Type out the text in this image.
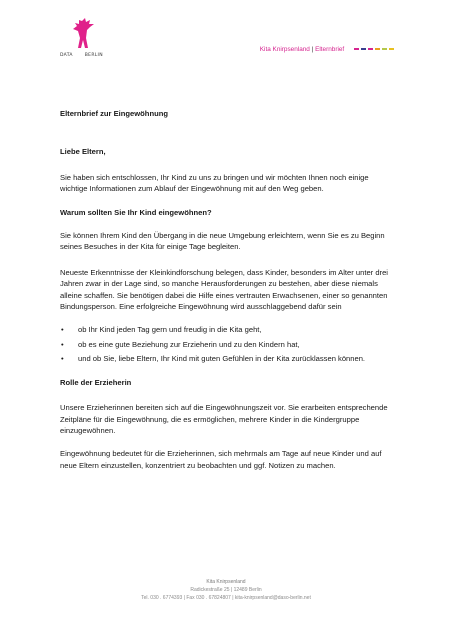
DATA	BERLIN
Kita Knirpsenland | Elternbrief

Elternbrief zur Eingewöhnung

Liebe Eltern,

Sie haben sich entschlossen, Ihr Kind zu uns zu bringen und wir möchten Ihnen noch einige wichtige Informationen zum Ablauf der Eingewöhnung mit auf den Weg geben.

Warum sollten Sie Ihr Kind eingewöhnen?

Sie können Ihrem Kind den Übergang in die neue Umgebung erleichtern, wenn Sie es zu Beginn seines Besuches in der Kita für einige Tage begleiten.

Neueste Erkenntnisse der Kleinkindforschung belegen, dass Kinder, besonders im Alter unter drei Jahren zwar in der Lage sind, so manche Herausforderungen zu bestehen, aber diese niemals alleine schaffen. Sie benötigen dabei die Hilfe eines vertrauten Erwachsenen, einer so genannten Bindungsperson. Eine erfolgreiche Eingewöhnung wird ausschlaggebend dafür sein

• ob Ihr Kind jeden Tag gern und freudig in die Kita geht,
• ob es eine gute Beziehung zur Erzieherin und zu den Kindern hat,
• und ob Sie, liebe Eltern, Ihr Kind mit guten Gefühlen in der Kita zurücklassen können.

Rolle der Erzieherin

Unsere Erzieherinnen bereiten sich auf die Eingewöhnungszeit vor. Sie erarbeiten entsprechende Zeitpläne für die Eingewöhnung, die es ermöglichen, mehrere Kinder in die Kindergruppe einzugewöhnen.

Eingewöhnung bedeutet für die Erzieherinnen, sich mehrmals am Tage auf neue Kinder und auf neue Eltern einzustellen, konzentriert zu beobachten und ggf. Notizen zu machen.

Kita Knirpsenland
Radickestraße 25 | 12489 Berlin
Tel. 030 . 6774393 | Fax 030 . 67824807 | kita-knirpsenland@daso-berlin.net
